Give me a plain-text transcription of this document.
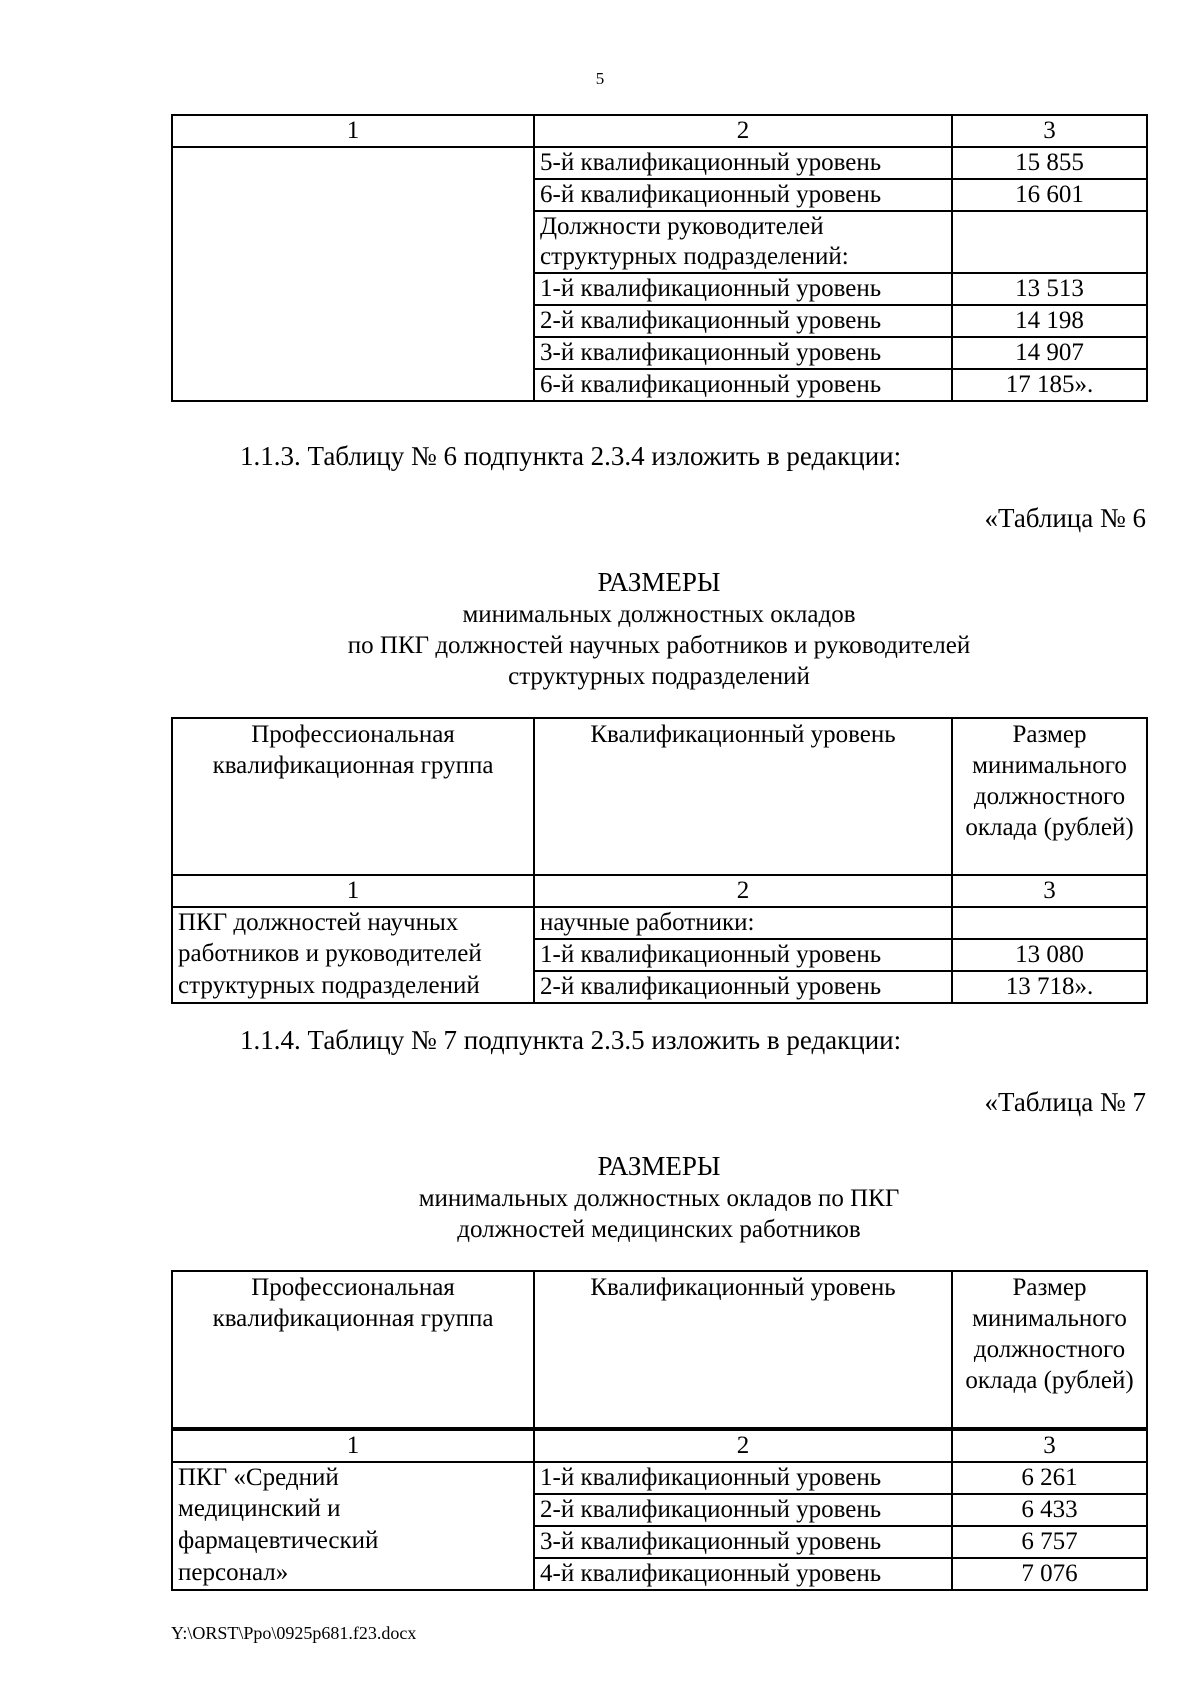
5
1	2	3
	5-й квалификационный уровень	15 855
	6-й квалификационный уровень	16 601
	Должности руководителей структурных подразделений:	
	1-й квалификационный уровень	13 513
	2-й квалификационный уровень	14 198
	3-й квалификационный уровень	14 907
	6-й квалификационный уровень	17 185».
1.1.3. Таблицу № 6 подпункта 2.3.4 изложить в редакции:
«Таблица № 6
РАЗМЕРЫ
минимальных должностных окладов
по ПКГ должностей научных работников и руководителей
структурных подразделений
Профессиональная квалификационная группа	Квалификационный уровень	Размер минимального должностного оклада (рублей)
1	2	3
ПКГ должностей научных	научные работники:	
работников и руководителей	1-й квалификационный уровень	13 080
структурных подразделений	2-й квалификационный уровень	13 718».
1.1.4. Таблицу № 7 подпункта 2.3.5 изложить в редакции:
«Таблица № 7
РАЗМЕРЫ
минимальных должностных окладов по ПКГ
должностей медицинских работников
Профессиональная квалификационная группа	Квалификационный уровень	Размер минимального должностного оклада (рублей)
1	2	3
ПКГ «Средний	1-й квалификационный уровень	6 261
медицинский и	2-й квалификационный уровень	6 433
фармацевтический	3-й квалификационный уровень	6 757
персонал»	4-й квалификационный уровень	7 076
Y:\ORST\Ppo\0925p681.f23.docx
